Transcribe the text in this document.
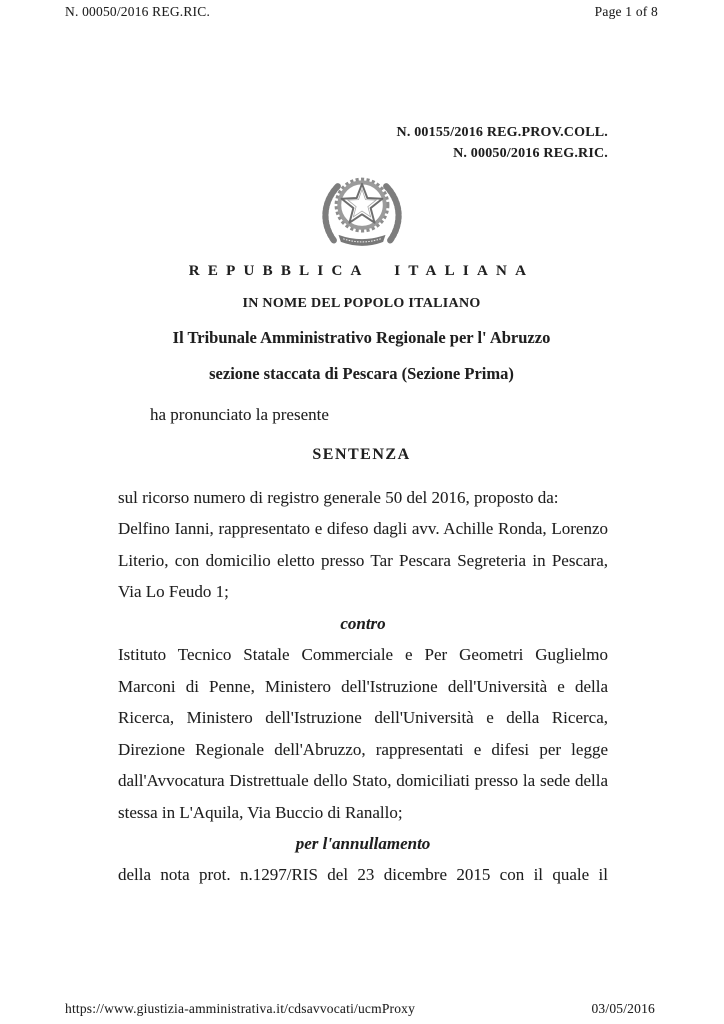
N. 00050/2016 REG.RIC.	Page 1 of 8
N. 00155/2016 REG.PROV.COLL.
N. 00050/2016 REG.RIC.
REPUBBLICA ITALIANA
IN NOME DEL POPOLO ITALIANO
Il Tribunale Amministrativo Regionale per l' Abruzzo
sezione staccata di Pescara (Sezione Prima)
ha pronunciato la presente
SENTENZA

sul ricorso numero di registro generale 50 del 2016, proposto da:

Delfino Ianni, rappresentato e difeso dagli avv. Achille Ronda, Lorenzo Literio, con domicilio eletto presso Tar Pescara Segreteria in Pescara, Via Lo Feudo 1;

contro

Istituto Tecnico Statale Commerciale e Per Geometri Guglielmo Marconi di Penne, Ministero dell'Istruzione dell'Università e della Ricerca, Ministero dell'Istruzione dell'Università e della Ricerca, Direzione Regionale dell'Abruzzo, rappresentati e difesi per legge dall'Avvocatura Distrettuale dello Stato, domiciliati presso la sede della stessa in L'Aquila, Via Buccio di Ranallo;

per l'annullamento

della nota prot. n.1297/RIS del 23 dicembre 2015 con il quale il

https://www.giustizia-amministrativa.it/cdsavvocati/ucmProxy	03/05/2016
